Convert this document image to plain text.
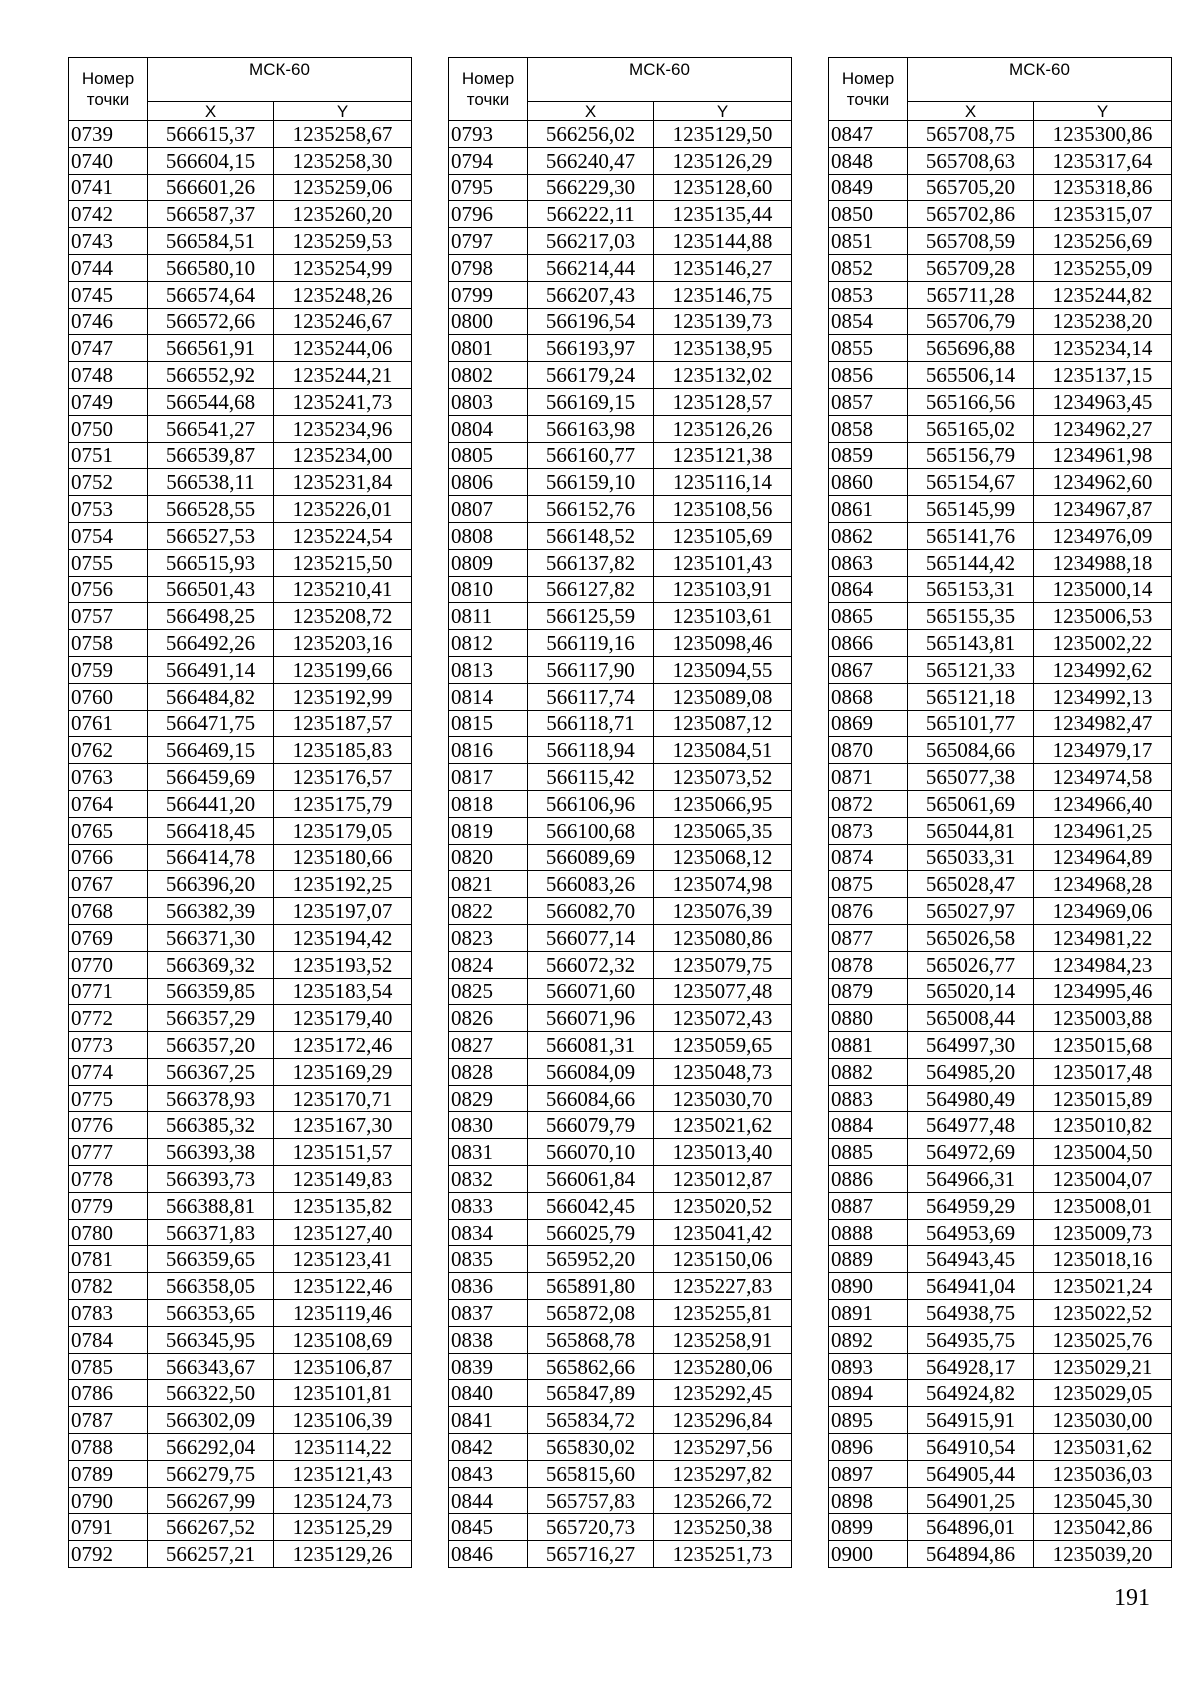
Номер точки	МСК-60	
	X	Y
0739	566615,37	1235258,67
0740	566604,15	1235258,30
0741	566601,26	1235259,06
0742	566587,37	1235260,20
0743	566584,51	1235259,53
0744	566580,10	1235254,99
0745	566574,64	1235248,26
0746	566572,66	1235246,67
0747	566561,91	1235244,06
0748	566552,92	1235244,21
0749	566544,68	1235241,73
0750	566541,27	1235234,96
0751	566539,87	1235234,00
0752	566538,11	1235231,84
0753	566528,55	1235226,01
0754	566527,53	1235224,54
0755	566515,93	1235215,50
0756	566501,43	1235210,41
0757	566498,25	1235208,72
0758	566492,26	1235203,16
0759	566491,14	1235199,66
0760	566484,82	1235192,99
0761	566471,75	1235187,57
0762	566469,15	1235185,83
0763	566459,69	1235176,57
0764	566441,20	1235175,79
0765	566418,45	1235179,05
0766	566414,78	1235180,66
0767	566396,20	1235192,25
0768	566382,39	1235197,07
0769	566371,30	1235194,42
0770	566369,32	1235193,52
0771	566359,85	1235183,54
0772	566357,29	1235179,40
0773	566357,20	1235172,46
0774	566367,25	1235169,29
0775	566378,93	1235170,71
0776	566385,32	1235167,30
0777	566393,38	1235151,57
0778	566393,73	1235149,83
0779	566388,81	1235135,82
0780	566371,83	1235127,40
0781	566359,65	1235123,41
0782	566358,05	1235122,46
0783	566353,65	1235119,46
0784	566345,95	1235108,69
0785	566343,67	1235106,87
0786	566322,50	1235101,81
0787	566302,09	1235106,39
0788	566292,04	1235114,22
0789	566279,75	1235121,43
0790	566267,99	1235124,73
0791	566267,52	1235125,29
0792	566257,21	1235129,26
Номер точки	МСК-60	
	X	Y
0793	566256,02	1235129,50
0794	566240,47	1235126,29
0795	566229,30	1235128,60
0796	566222,11	1235135,44
0797	566217,03	1235144,88
0798	566214,44	1235146,27
0799	566207,43	1235146,75
0800	566196,54	1235139,73
0801	566193,97	1235138,95
0802	566179,24	1235132,02
0803	566169,15	1235128,57
0804	566163,98	1235126,26
0805	566160,77	1235121,38
0806	566159,10	1235116,14
0807	566152,76	1235108,56
0808	566148,52	1235105,69
0809	566137,82	1235101,43
0810	566127,82	1235103,91
0811	566125,59	1235103,61
0812	566119,16	1235098,46
0813	566117,90	1235094,55
0814	566117,74	1235089,08
0815	566118,71	1235087,12
0816	566118,94	1235084,51
0817	566115,42	1235073,52
0818	566106,96	1235066,95
0819	566100,68	1235065,35
0820	566089,69	1235068,12
0821	566083,26	1235074,98
0822	566082,70	1235076,39
0823	566077,14	1235080,86
0824	566072,32	1235079,75
0825	566071,60	1235077,48
0826	566071,96	1235072,43
0827	566081,31	1235059,65
0828	566084,09	1235048,73
0829	566084,66	1235030,70
0830	566079,79	1235021,62
0831	566070,10	1235013,40
0832	566061,84	1235012,87
0833	566042,45	1235020,52
0834	566025,79	1235041,42
0835	565952,20	1235150,06
0836	565891,80	1235227,83
0837	565872,08	1235255,81
0838	565868,78	1235258,91
0839	565862,66	1235280,06
0840	565847,89	1235292,45
0841	565834,72	1235296,84
0842	565830,02	1235297,56
0843	565815,60	1235297,82
0844	565757,83	1235266,72
0845	565720,73	1235250,38
0846	565716,27	1235251,73
Номер точки	МСК-60	
	X	Y
0847	565708,75	1235300,86
0848	565708,63	1235317,64
0849	565705,20	1235318,86
0850	565702,86	1235315,07
0851	565708,59	1235256,69
0852	565709,28	1235255,09
0853	565711,28	1235244,82
0854	565706,79	1235238,20
0855	565696,88	1235234,14
0856	565506,14	1235137,15
0857	565166,56	1234963,45
0858	565165,02	1234962,27
0859	565156,79	1234961,98
0860	565154,67	1234962,60
0861	565145,99	1234967,87
0862	565141,76	1234976,09
0863	565144,42	1234988,18
0864	565153,31	1235000,14
0865	565155,35	1235006,53
0866	565143,81	1235002,22
0867	565121,33	1234992,62
0868	565121,18	1234992,13
0869	565101,77	1234982,47
0870	565084,66	1234979,17
0871	565077,38	1234974,58
0872	565061,69	1234966,40
0873	565044,81	1234961,25
0874	565033,31	1234964,89
0875	565028,47	1234968,28
0876	565027,97	1234969,06
0877	565026,58	1234981,22
0878	565026,77	1234984,23
0879	565020,14	1234995,46
0880	565008,44	1235003,88
0881	564997,30	1235015,68
0882	564985,20	1235017,48
0883	564980,49	1235015,89
0884	564977,48	1235010,82
0885	564972,69	1235004,50
0886	564966,31	1235004,07
0887	564959,29	1235008,01
0888	564953,69	1235009,73
0889	564943,45	1235018,16
0890	564941,04	1235021,24
0891	564938,75	1235022,52
0892	564935,75	1235025,76
0893	564928,17	1235029,21
0894	564924,82	1235029,05
0895	564915,91	1235030,00
0896	564910,54	1235031,62
0897	564905,44	1235036,03
0898	564901,25	1235045,30
0899	564896,01	1235042,86
0900	564894,86	1235039,20
191
